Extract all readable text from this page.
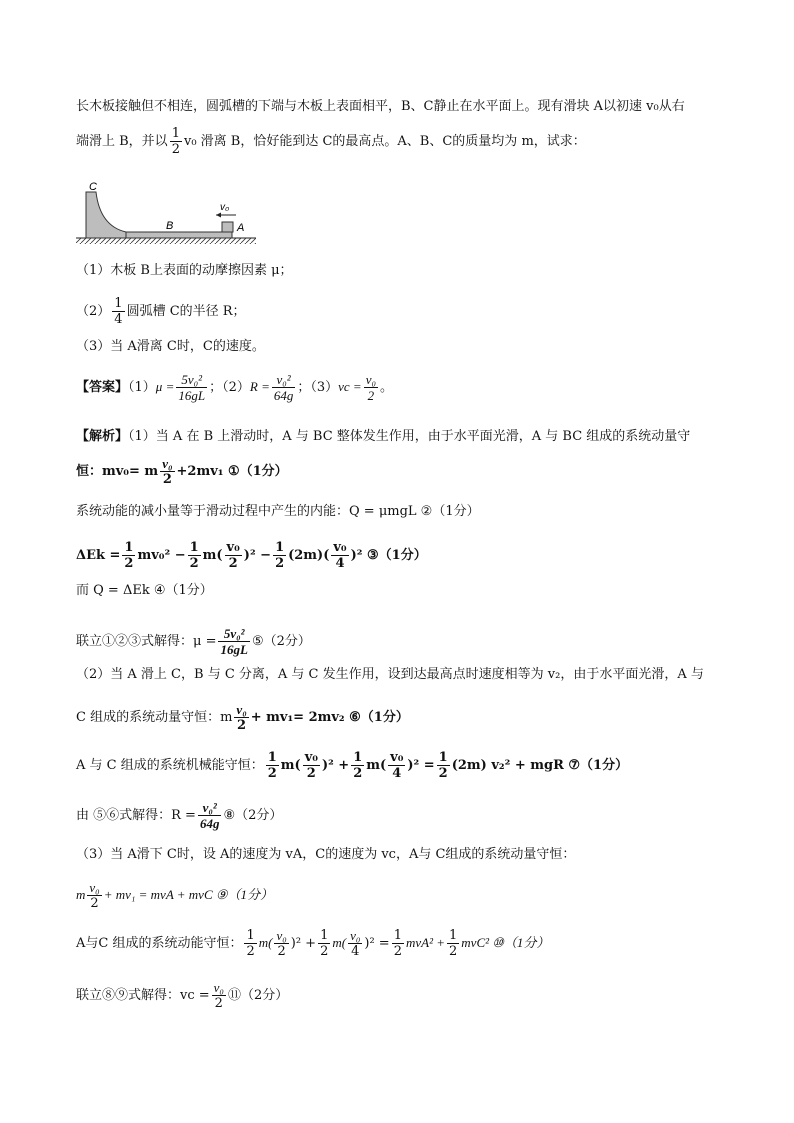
长木板接触但不相连，圆弧槽的下端与木板上表面相平，B、C静止在水平面上。现有滑块 A以初速 v₀从右
端滑上 B，并以 $\frac{1}{2} v_0$ 滑离 B，恰好能到达 C的最高点。A、B、C的质量均为 m，试求：
C
B	A
v₀
（1）木板 B上表面的动摩擦因素 μ；
$(2) \frac{1}{4}$ 圆弧槽 C的半径 R；
（3）当 A滑离 C时，C的速度。
【答案】$(1)\mu = \frac{\text{5v₀²}}{16gL}$ ；$(2)R = \frac{\text{v₀²}}{64g}$ ；$(3)vc = \frac{\text{v₀}}{2}$ 。
【解析】（1）当 A 在 B 上滑动时，A 与 BC 整体发生作用，由于水平面光滑，A 与 BC 组成的系统动量守
恒：mv₀= m $\frac{\text{v₀}}{2} +2mv_1$ ①（1分）
系统动能的减小量等于滑动过程中产生的内能：Q = μmgL ②（1分）
$\Delta Ek = \frac{1}{2} mv_0^2 - \frac{1}{2} m( \frac{\text{v₀}}{2} )^2 - \frac{1}{2} (2m)( \frac{\text{v₀}}{4} )^2$ ③（1分）
而 Q = ΔEk ④（1分）
联立①②③式解得：$\mu = \frac{\text{5v₀²}}{16gL}$ ⑤（2分）
（2）当 A 滑上 C，B 与 C 分离，A 与 C 发生作用，设到达最高点时速度相等为 v₂，由于水平面光滑，A 与
C 组成的系统动量守恒：m $\frac{\text{v₀}}{2} + mv_1= 2mv_2$ ⑥（1分）
A 与 C 组成的系统机械能守恒： $\frac{1}{2} m( \frac{\text{v₀}}{2} )^2 + \frac{1}{2} m( \frac{\text{v₀}}{4} )^2 = \frac{1}{2} (2m) v_2^2$ + mgR ⑦（1分）
由 ⑤⑥式解得：$R = \frac{\text{v₀²}}{64g}$ ⑧（2分）
（3）当 A滑下 C时，设 A的速度为 vA，C的速度为 vc，A与 C组成的系统动量守恒：
m $\frac{\text{v₀}}{2} + mv_1$ = mvA + mvC ⑨（1分）
A与C 组成的系统动能守恒： $\frac{1}{2} m( \frac{\text{v₀}}{2} )^2 + \frac{1}{2} m( \frac{\text{v₀}}{4} )^2 = \frac{1}{2} mvA^2 + \frac{1}{2} mvC^2$ ⑩（1分）
联立⑧⑨式解得：vc = $\frac{\text{v₀}}{2}$ ⑪（2分）
